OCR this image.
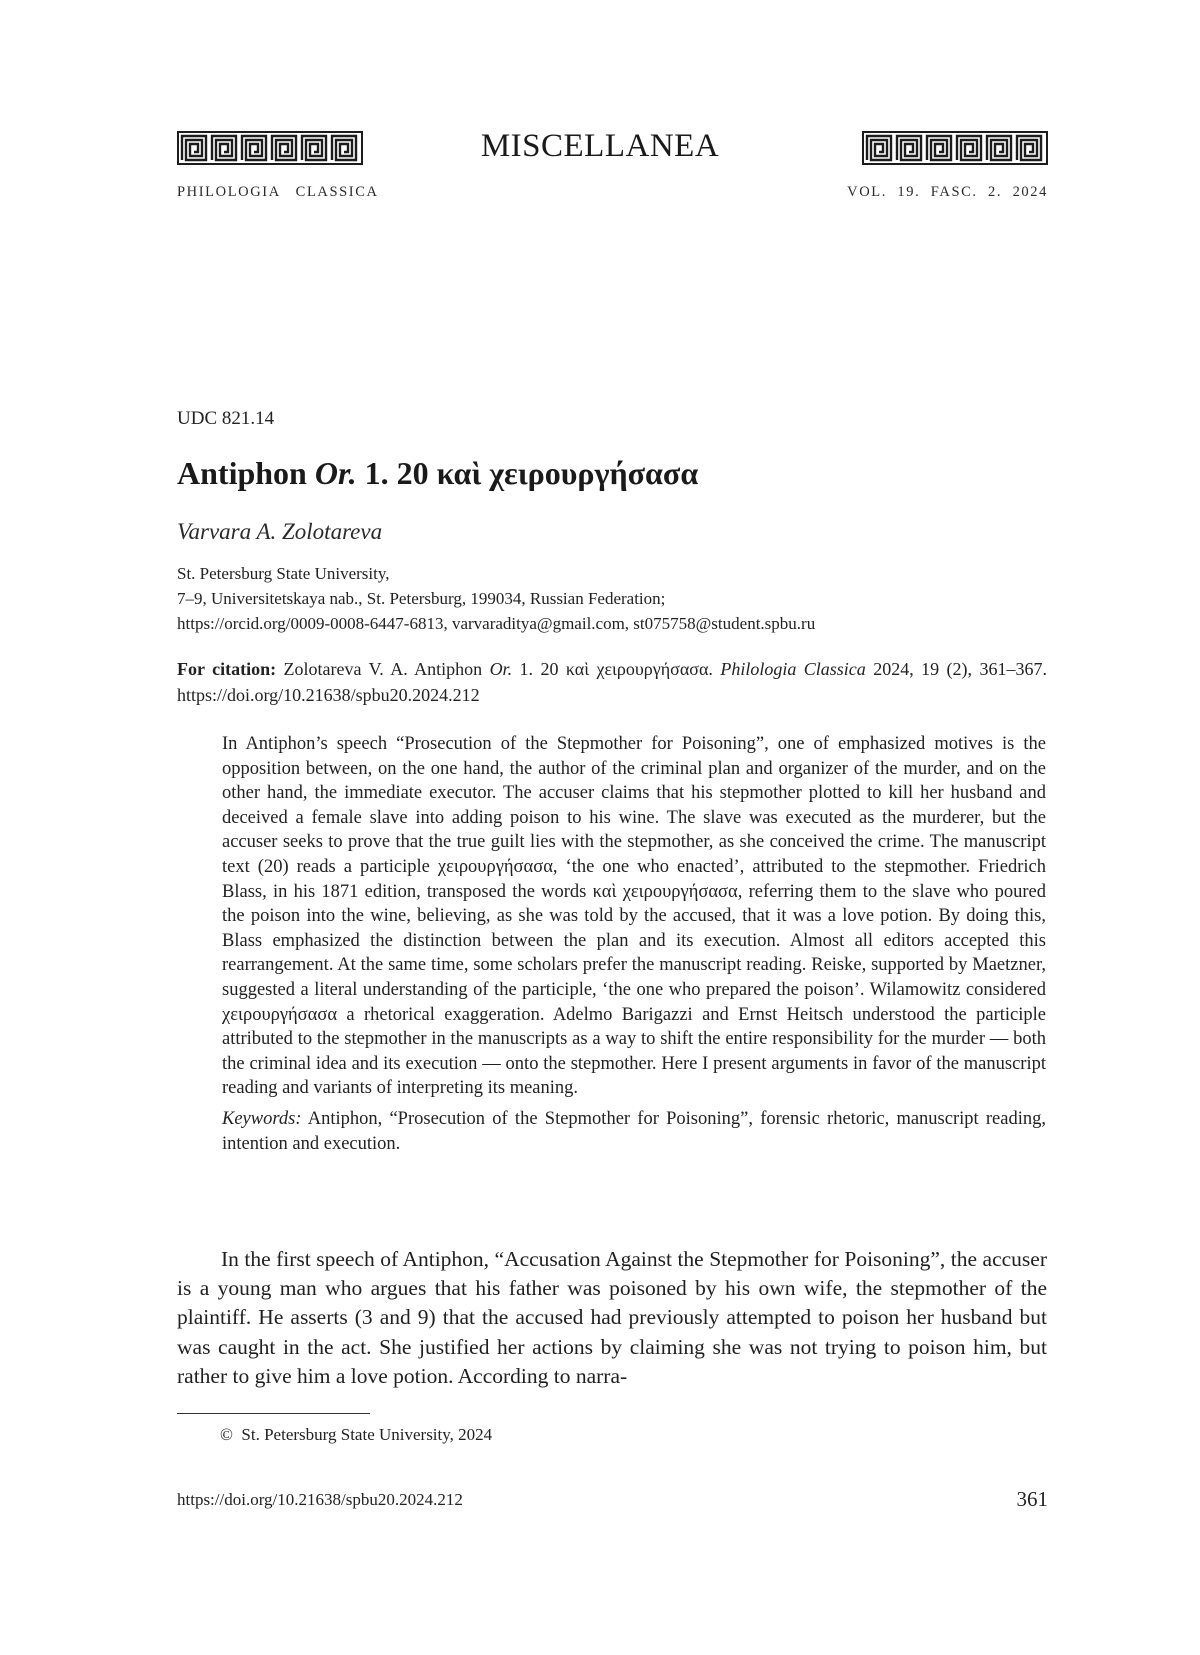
MISCELLANEA
PHILOLOGIA   CLASSICA	VOL.  19.  FASC.  2.  2024
UDC 821.14
Antiphon Or. 1. 20 καὶ χειρουργήσασα
Varvara A. Zolotareva
St. Petersburg State University,
7–9, Universitetskaya nab., St. Petersburg, 199034, Russian Federation;
https://orcid.org/0009-0008-6447-6813, varvaraditya@gmail.com, st075758@student.spbu.ru
For citation: Zolotareva V. A. Antiphon Or. 1. 20 καὶ χειρουργήσασα. Philologia Classica 2024, 19 (2), 361–367. https://doi.org/10.21638/spbu20.2024.212

In Antiphon’s speech “Prosecution of the Stepmother for Poisoning”, one of emphasized motives is the opposition between, on the one hand, the author of the criminal plan and organizer of the murder, and on the other hand, the immediate executor. The accuser claims that his stepmother plotted to kill her husband and deceived a female slave into adding poison to his wine. The slave was executed as the murderer, but the accuser seeks to prove that the true guilt lies with the stepmother, as she conceived the crime. The manuscript text (20) reads a participle χειρουργήσασα, ‘the one who enacted’, attributed to the stepmother. Friedrich Blass, in his 1871 edition, transposed the words καὶ χειρουργήσασα, referring them to the slave who poured the poison into the wine, believing, as she was told by the accused, that it was a love potion. By doing this, Blass emphasized the distinction between the plan and its execution. Almost all editors accepted this rearrangement. At the same time, some scholars prefer the manuscript reading. Reiske, supported by Maetzner, suggested a literal understanding of the participle, ‘the one who prepared the poison’. Wilamowitz considered χειρουργήσασα a rhetorical exaggeration. Adelmo Barigazzi and Ernst Heitsch understood the participle attributed to the stepmother in the manuscripts as a way to shift the entire responsibility for the murder — both the criminal idea and its execution — onto the stepmother. Here I present arguments in favor of the manuscript reading and variants of interpreting its meaning.

Keywords: Antiphon, “Prosecution of the Stepmother for Poisoning”, forensic rhetoric, manuscript reading, intention and execution.

In the first speech of Antiphon, “Accusation Against the Stepmother for Poisoning”, the accuser is a young man who argues that his father was poisoned by his own wife, the stepmother of the plaintiff. He asserts (3 and 9) that the accused had previously attempted to poison her husband but was caught in the act. She justified her actions by claiming she was not trying to poison him, but rather to give him a love potion. According to narra-

©  St. Petersburg State University, 2024
https://doi.org/10.21638/spbu20.2024.212	361
